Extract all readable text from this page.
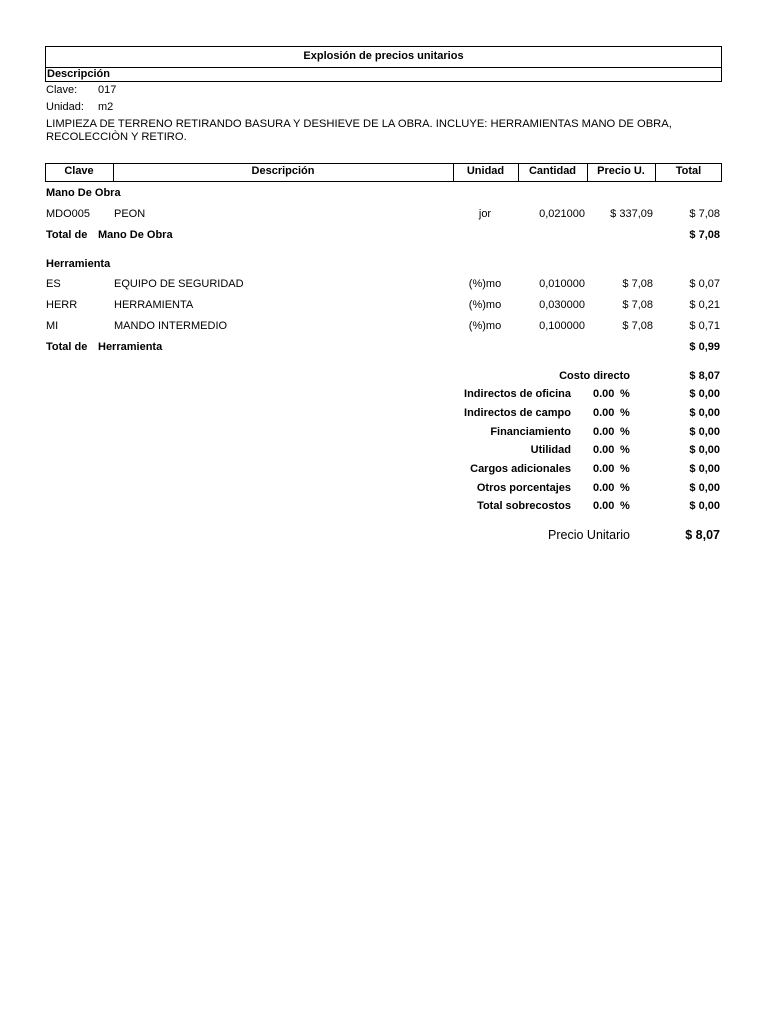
Explosión de precios unitarios
Descripción
Clave: 017
Unidad: m2
LIMPIEZA DE TERRENO RETIRANDO BASURA Y DESHIEVE DE LA OBRA. INCLUYE: HERRAMIENTAS MANO DE OBRA,
RECOLECCIÒN Y RETIRO.
Clave	Descripción	Unidad	Cantidad	Precio U.	Total
Mano De Obra
MDO005 PEON	jor	0,021000	$ 337,09	$ 7,08
Total de Mano De Obra	$ 7,08
Herramienta
ES	EQUIPO DE SEGURIDAD	(%)mo	0,010000	$ 7,08	$ 0,07
HERR	HERRAMIENTA	(%)mo	0,030000	$ 7,08	$ 0,21
MI	MANDO INTERMEDIO	(%)mo	0,100000	$ 7,08	$ 0,71
Total de Herramienta	$ 0,99
Costo directo	$ 8,07
Indirectos de oficina 0.00 %	$ 0,00
Indirectos de campo 0.00 %	$ 0,00
Financiamiento 0.00 %	$ 0,00
Utilidad 0.00 %	$ 0,00
Cargos adicionales 0.00 %	$ 0,00
Otros porcentajes 0.00 %	$ 0,00
Total sobrecostos 0.00 %	$ 0,00
Precio Unitario	$ 8,07
